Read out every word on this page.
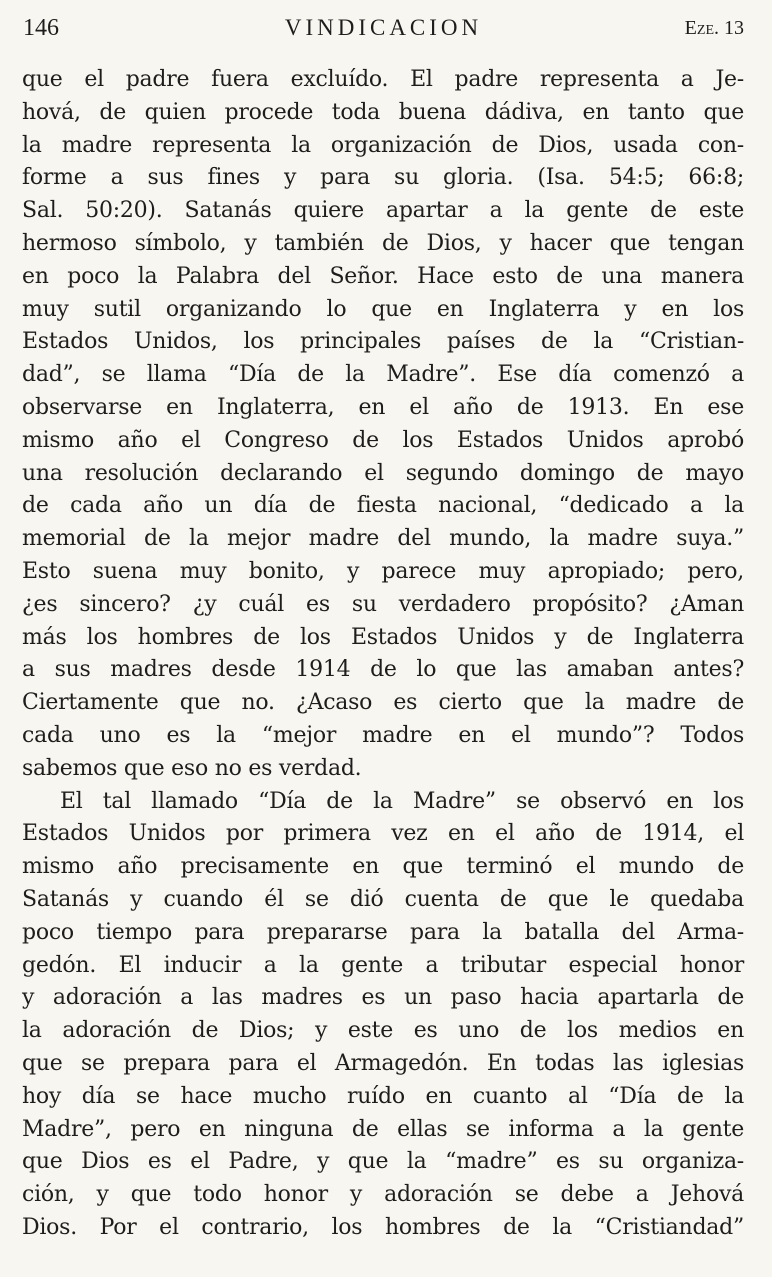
146	VINDICACION	Eze. 13

que el padre fuera excluído. El padre representa a Je-
hová, de quien procede toda buena dádiva, en tanto que
la madre representa la organización de Dios, usada con-
forme a sus fines y para su gloria. (Isa. 54:5; 66:8;
Sal. 50:20). Satanás quiere apartar a la gente de este
hermoso símbolo, y también de Dios, y hacer que tengan
en poco la Palabra del Señor. Hace esto de una manera
muy sutil organizando lo que en Inglaterra y en los
Estados Unidos, los principales países de la “Cristian-
dad”, se llama “Día de la Madre”. Ese día comenzó a
observarse en Inglaterra, en el año de 1913. En ese
mismo año el Congreso de los Estados Unidos aprobó
una resolución declarando el segundo domingo de mayo
de cada año un día de fiesta nacional, “dedicado a la
memorial de la mejor madre del mundo, la madre suya.”
Esto suena muy bonito, y parece muy apropiado; pero,
¿es sincero? ¿y cuál es su verdadero propósito? ¿Aman
más los hombres de los Estados Unidos y de Inglaterra
a sus madres desde 1914 de lo que las amaban antes?
Ciertamente que no. ¿Acaso es cierto que la madre de
cada uno es la “mejor madre en el mundo”? Todos
sabemos que eso no es verdad.

El tal llamado “Día de la Madre” se observó en los
Estados Unidos por primera vez en el año de 1914, el
mismo año precisamente en que terminó el mundo de
Satanás y cuando él se dió cuenta de que le quedaba
poco tiempo para prepararse para la batalla del Arma-
gedón. El inducir a la gente a tributar especial honor
y adoración a las madres es un paso hacia apartarla de
la adoración de Dios; y este es uno de los medios en
que se prepara para el Armagedón. En todas las iglesias
hoy día se hace mucho ruído en cuanto al “Día de la
Madre”, pero en ninguna de ellas se informa a la gente
que Dios es el Padre, y que la “madre” es su organiza-
ción, y que todo honor y adoración se debe a Jehová
Dios. Por el contrario, los hombres de la “Cristiandad”
